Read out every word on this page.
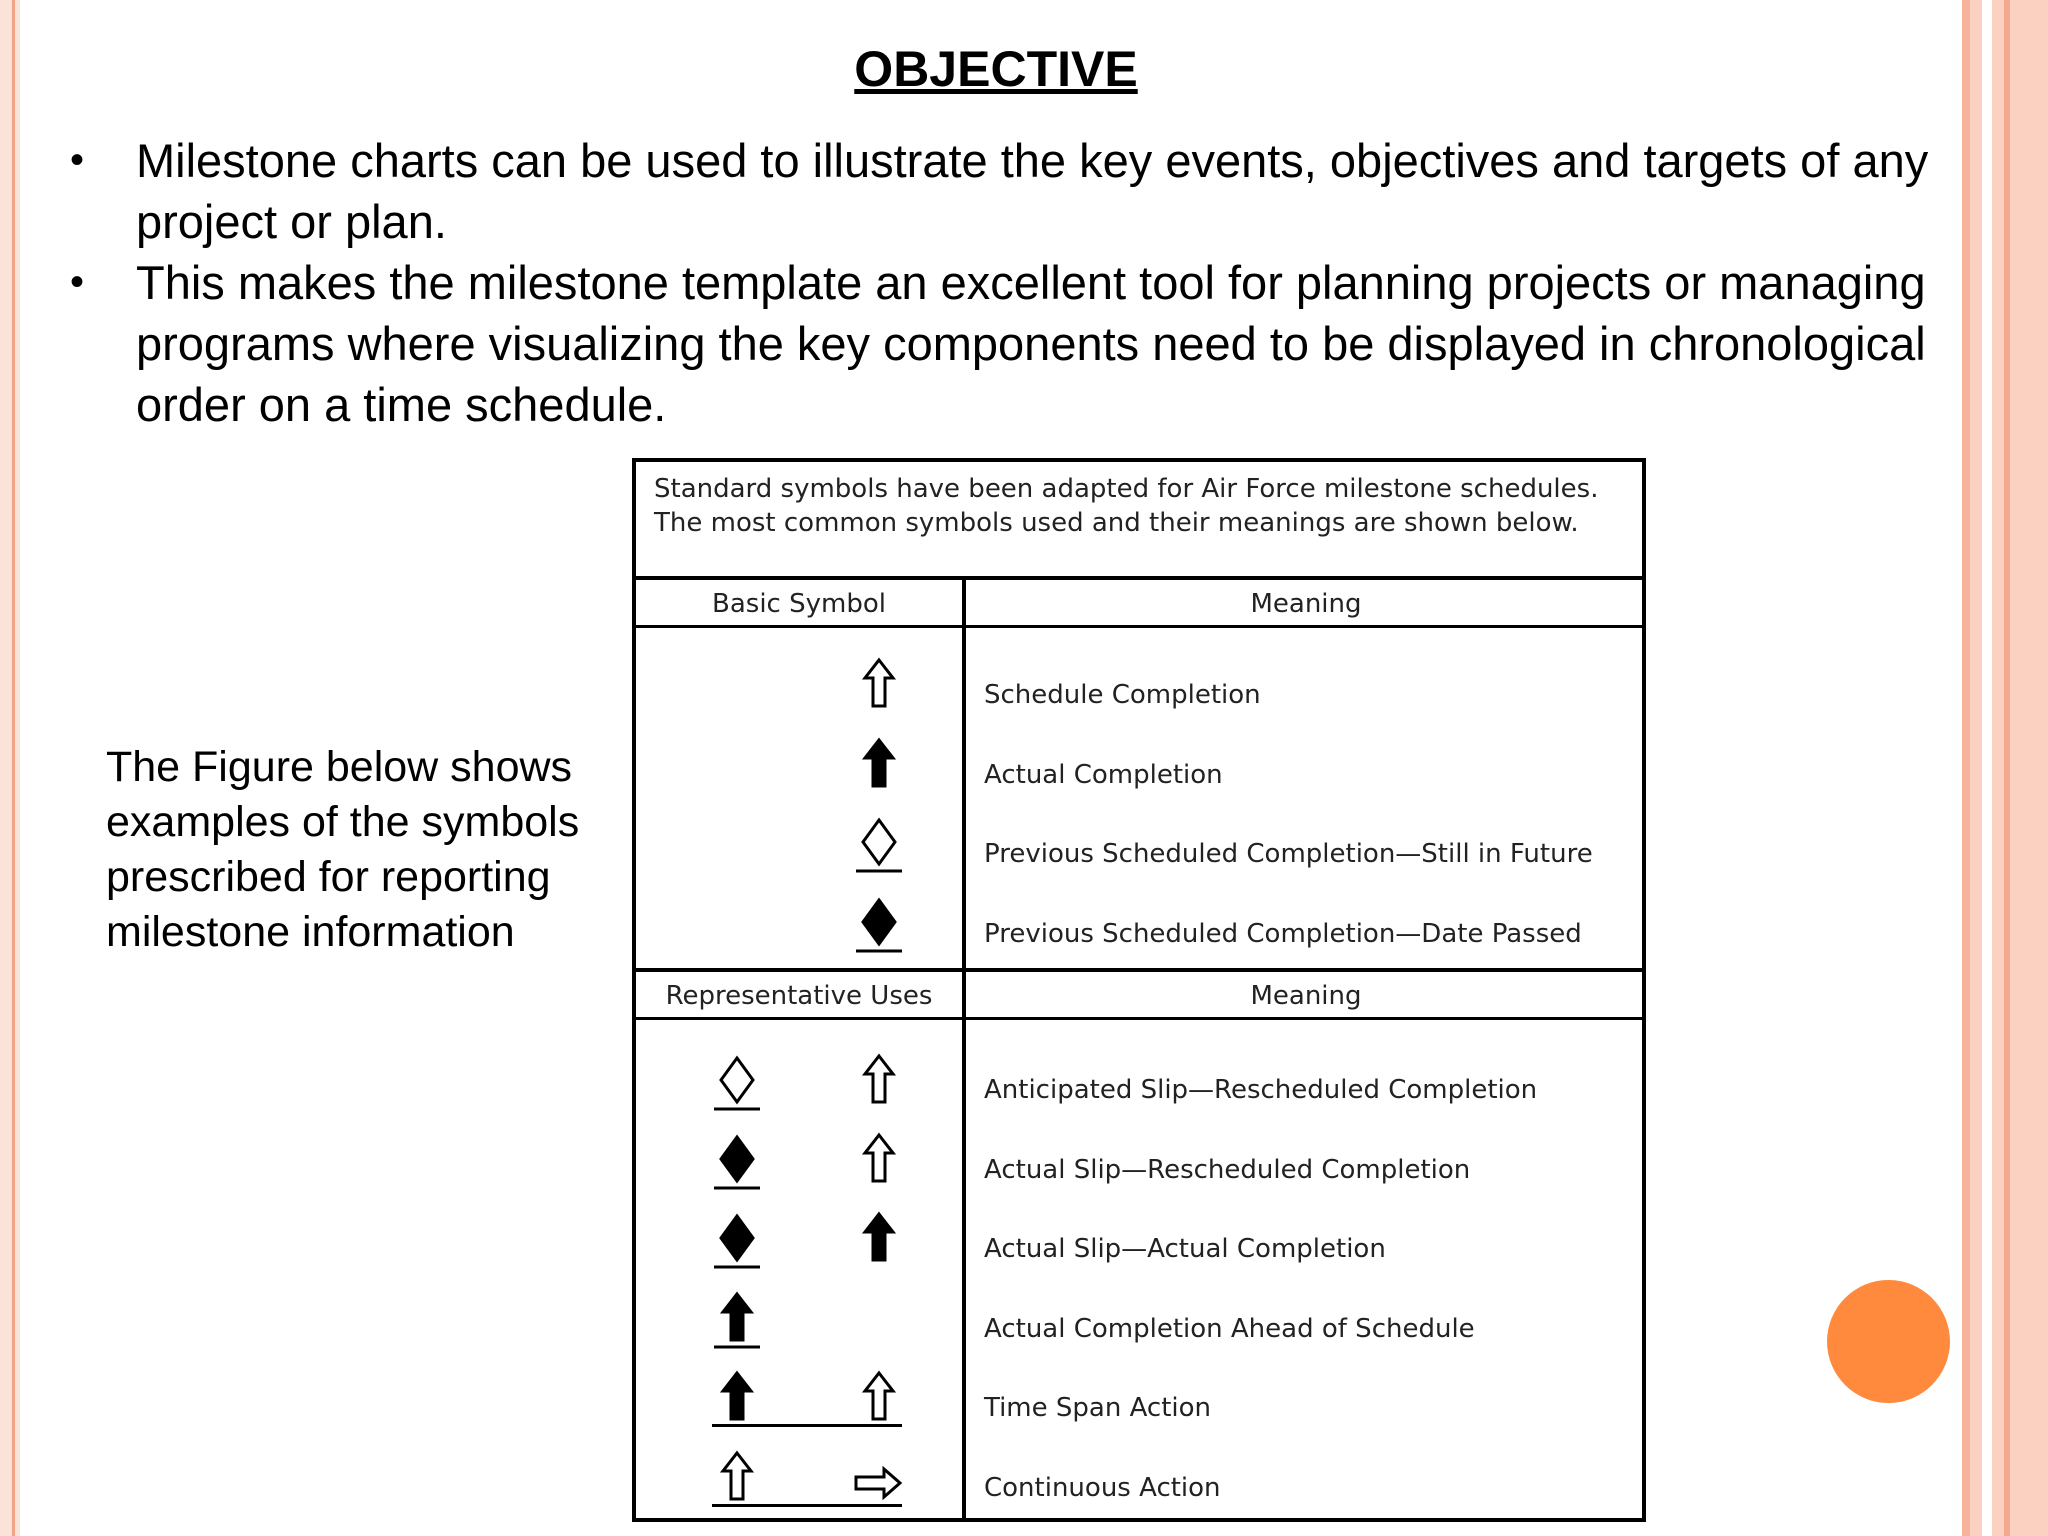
OBJECTIVE
• Milestone charts can be used to illustrate the key events, objectives and targets of any project or plan.
• This makes the milestone template an excellent tool for planning projects or managing programs where visualizing the key components need to be displayed in chronological order on a time schedule.
The Figure below shows examples of the symbols prescribed for reporting milestone information
Standard symbols have been adapted for Air Force milestone schedules. The most common symbols used and their meanings are shown below.
Basic Symbol	Meaning
Representative Uses	Meaning
Schedule Completion
Actual Completion
Previous Scheduled Completion—Still in Future
Previous Scheduled Completion—Date Passed
Anticipated Slip—Rescheduled Completion
Actual Slip—Rescheduled Completion
Actual Slip—Actual Completion
Actual Completion Ahead of Schedule
Time Span Action
Continuous Action
